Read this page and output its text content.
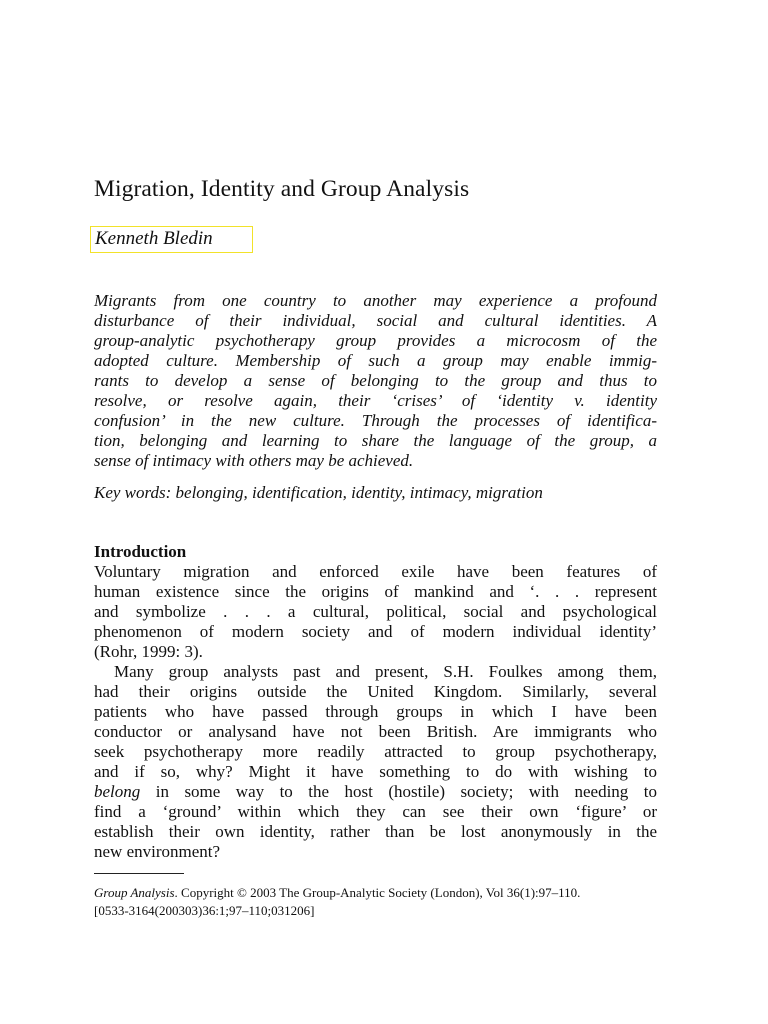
Migration, Identity and Group Analysis
Kenneth Bledin
Migrants from one country to another may experience a profound
disturbance of their individual, social and cultural identities. A
group-analytic psychotherapy group provides a microcosm of the
adopted culture. Membership of such a group may enable immig-
rants to develop a sense of belonging to the group and thus to
resolve, or resolve again, their ‘crises’ of ‘identity v. identity
confusion’ in the new culture. Through the processes of identifica-
tion, belonging and learning to share the language of the group, a
sense of intimacy with others may be achieved.
Key words: belonging, identification, identity, intimacy, migration
Introduction
Voluntary migration and enforced exile have been features of
human existence since the origins of mankind and ‘. . . represent
and symbolize . . . a cultural, political, social and psychological
phenomenon of modern society and of modern individual identity’
(Rohr, 1999: 3).
Many group analysts past and present, S.H. Foulkes among them,
had their origins outside the United Kingdom. Similarly, several
patients who have passed through groups in which I have been
conductor or analysand have not been British. Are immigrants who
seek psychotherapy more readily attracted to group psychotherapy,
and if so, why? Might it have something to do with wishing to
belong in some way to the host (hostile) society; with needing to
find a ‘ground’ within which they can see their own ‘figure’ or
establish their own identity, rather than be lost anonymously in the
new environment?
Group Analysis. Copyright © 2003 The Group-Analytic Society (London), Vol 36(1):97–110.
[0533-3164(200303)36:1;97–110;031206]
